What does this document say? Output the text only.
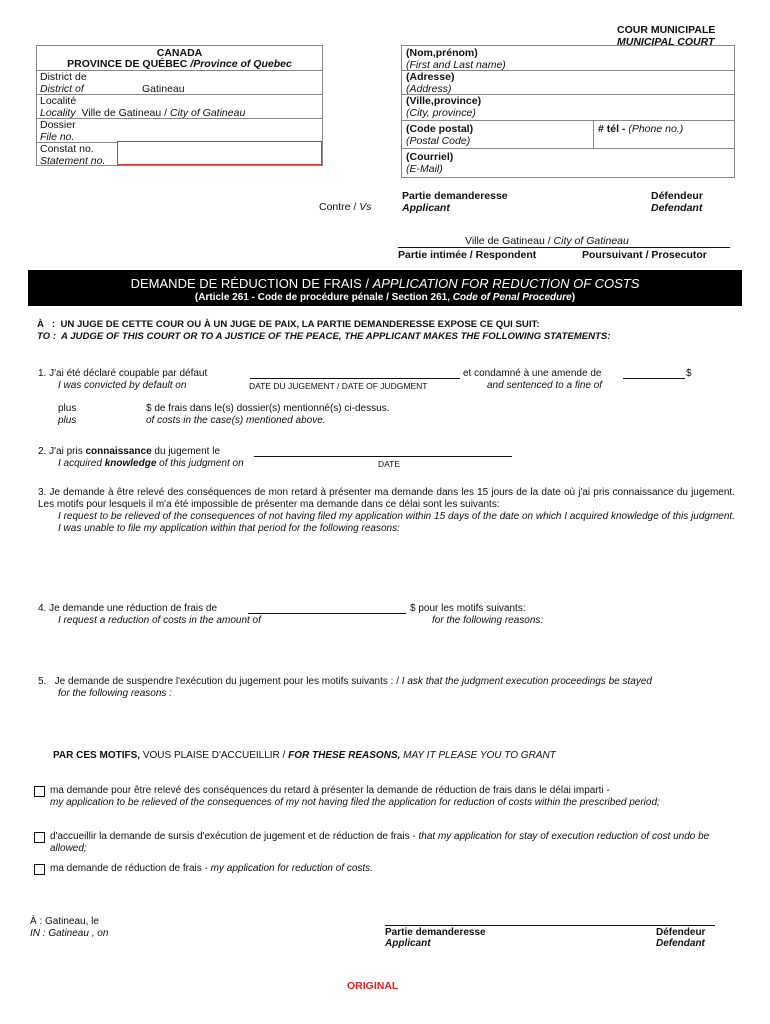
COUR MUNICIPALE
MUNICIPAL COURT
CANADA
PROVINCE DE QUÉBEC /Province of Quebec
District de
District of	Gatineau
Localité
Locality Ville de Gatineau / City of Gatineau
Dossier
File no.
Constat no.
Statement no.
(Nom,prénom)
(First and Last name)
(Adresse)
(Address)
(Ville,province)
(City, province)
(Code postal)
(Postal Code)
# tél - (Phone no.)
(Courriel)
(E-Mail)
Contre / Vs
Partie demanderesse
Applicant
Défendeur
Defendant
Ville de Gatineau / City of Gatineau
Partie intimée / Respondent	Poursuivant / Prosecutor
DEMANDE DE RÉDUCTION DE FRAIS / APPLICATION FOR REDUCTION OF COSTS
(Article 261 - Code de procédure pénale / Section 261, Code of Penal Procedure)
À   :  UN JUGE DE CETTE COUR OU À UN JUGE DE PAIX, LA PARTIE DEMANDERESSE EXPOSE CE QUI SUIT:
TO :  A JUDGE OF THIS COURT OR TO A JUSTICE OF THE PEACE, THE APPLICANT MAKES THE FOLLOWING STATEMENTS:
1. J'ai été déclaré coupable par défaut	et condamné à une amende de	$
I was convicted by default on	DATE DU JUGEMENT / DATE OF JUDGMENT	and sentenced to a fine of
plus	$ de frais dans le(s) dossier(s) mentionné(s) ci-dessus.
plus	of costs in the case(s) mentioned above.
2. J'ai pris connaissance du jugement le
I acquired knowledge of this judgment on	DATE
3. Je demande à être relevé des conséquences de mon retard à présenter ma demande dans les 15 jours de la date où j'ai pris connaissance du jugement. Les motifs pour lesquels il m'a été impossible de présenter ma demande dans ce délai sont les suivants:
I request to be relieved of the consequences of not having filed my application within 15 days of the date on which I acquired knowledge of this judgment. I was unable to file my application within that period for the following reasons:
4. Je demande une réduction de frais de	$ pour les motifs suivants:
I request a reduction of costs in the amount of	for the following reasons:
5.   Je demande de suspendre l'exécution du jugement pour les motifs suivants : / I ask that the judgment execution proceedings be stayed
for the following reasons :
PAR CES MOTIFS, VOUS PLAISE D'ACCUEILLIR / FOR THESE REASONS, MAY IT PLEASE YOU TO GRANT
ma demande pour être relevé des conséquences du retard à présenter la demande de réduction de frais dans le délai imparti -

my application to be relieved of the consequences of my not having filed the application for reduction of costs within the prescribed period;
d'accueillir la demande de sursis d'exécution de jugement et de réduction de frais - that my application for stay of execution reduction of cost undo be allowed;
ma demande de réduction de frais - my application for reduction of costs.
À : Gatineau, le
IN : Gatineau , on	Partie demanderesse
Applicant
Défendeur
Defendant
ORIGINAL
